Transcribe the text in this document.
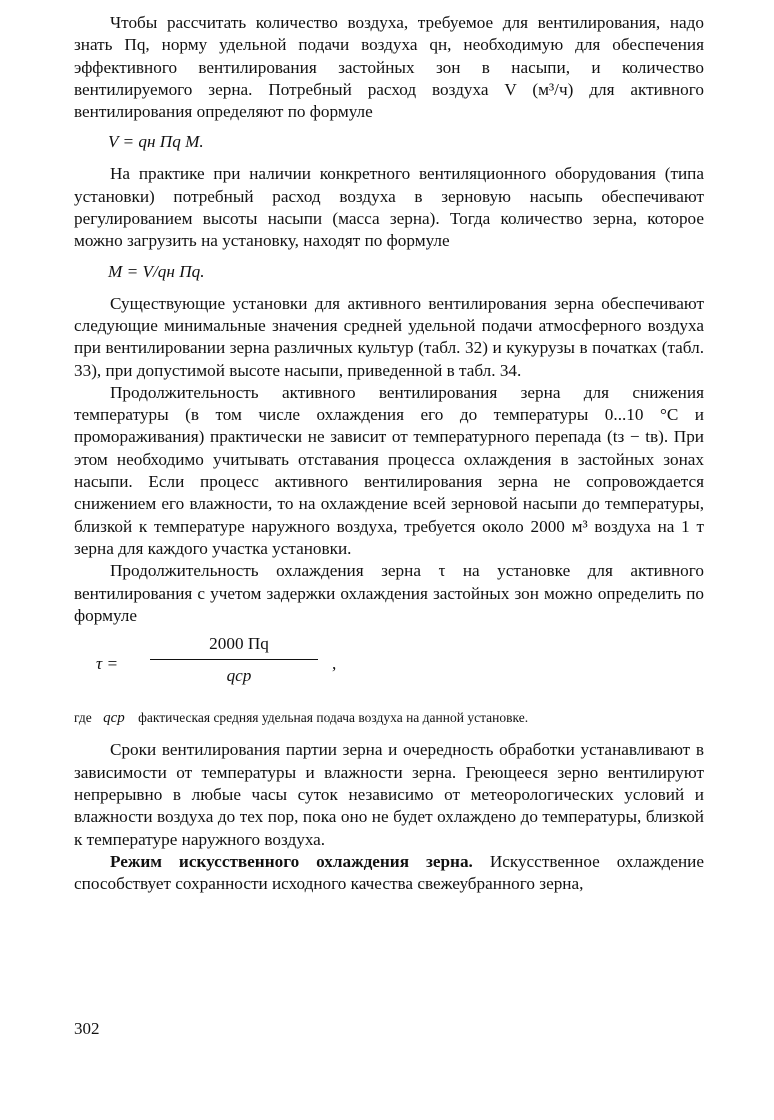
Чтобы рассчитать количество воздуха, требуемое для вентилирования, надо знать Пq, норму удельной подачи воздуха qн, необходимую для обеспечения эффективного вентилирования застойных зон в насыпи, и количество вентилируемого зерна. Потребный расход воздуха V (м³/ч) для активного вентилирования определяют по формуле

V = qн Пq M.

На практике при наличии конкретного вентиляционного оборудования (типа установки) потребный расход воздуха в зерновую насыпь обеспечивают регулированием высоты насыпи (масса зерна). Тогда количество зерна, которое можно загрузить на установку, находят по формуле

M = V/qн Пq.

Существующие установки для активного вентилирования зерна обеспечивают следующие минимальные значения средней удельной подачи атмосферного воздуха при вентилировании зерна различных культур (табл. 32) и кукурузы в початках (табл. 33), при допустимой высоте насыпи, приведенной в табл. 34.

Продолжительность активного вентилирования зерна для снижения температуры (в том числе охлаждения его до температуры 0...10 °С и промораживания) практически не зависит от температурного перепада (tз − tв). При этом необходимо учитывать отставания процесса охлаждения в застойных зонах насыпи. Если процесс активного вентилирования зерна не сопровождается снижением его влажности, то на охлаждение всей зерновой насыпи до температуры, близкой к температуре наружного воздуха, требуется около 2000 м³ воздуха на 1 т зерна для каждого участка установки.

Продолжительность охлаждения зерна τ на установке для активного вентилирования с учетом задержки охлаждения застойных зон можно определить по формуле

τ =
2000 Пq
qср
,

где qср фактическая средняя удельная подача воздуха на данной установке.

Сроки вентилирования партии зерна и очередность обработки устанавливают в зависимости от температуры и влажности зерна. Греющееся зерно вентилируют непрерывно в любые часы суток независимо от метеорологических условий и влажности воздуха до тех пор, пока оно не будет охлаждено до температуры, близкой к температуре наружного воздуха.

Режим искусственного охлаждения зерна. Искусственное охлаждение способствует сохранности исходного качества свежеубранного зерна,

302
